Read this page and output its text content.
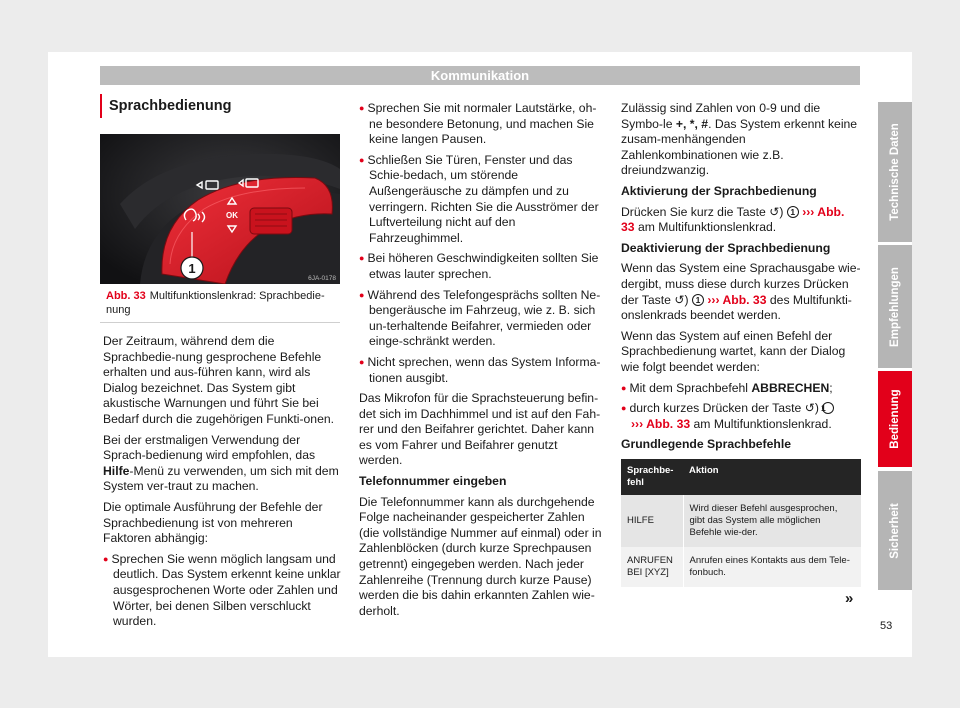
Kommunikation
Sprachbedienung
OK
1
6JA-0178
Abb. 33 Multifunktionslenkrad: Sprachbedie-nung

Der Zeitraum, während dem die Sprachbedie-nung gesprochene Befehle erhalten und aus-führen kann, wird als Dialog bezeichnet. Das System gibt akustische Warnungen und führt Sie bei Bedarf durch die zugehörigen Funkti-onen.

Bei der erstmaligen Verwendung der Sprach-bedienung wird empfohlen, das Hilfe-Menü zu verwenden, um sich mit dem System ver-traut zu machen.

Die optimale Ausführung der Befehle der Sprachbedienung ist von mehreren Faktoren abhängig:

● Sprechen Sie wenn möglich langsam und deutlich. Das System erkennt keine unklar ausgesprochenen Worte oder Zahlen und Wörter, bei denen Silben verschluckt wurden.

● Sprechen Sie mit normaler Lautstärke, oh-ne besondere Betonung, und machen Sie keine langen Pausen.

● Schließen Sie Türen, Fenster und das Schie-bedach, um störende Außengeräusche zu dämpfen und zu verringern. Richten Sie die Ausströmer der Luftverteilung nicht auf den Fahrzeughimmel.

● Bei höheren Geschwindigkeiten sollten Sie etwas lauter sprechen.

● Während des Telefongesprächs sollten Ne-bengeräusche im Fahrzeug, wie z. B. sich un-terhaltende Beifahrer, vermieden oder einge-schränkt werden.

● Nicht sprechen, wenn das System Informa-tionen ausgibt.

Das Mikrofon für die Sprachsteuerung befin-det sich im Dachhimmel und ist auf den Fah-rer und den Beifahrer gerichtet. Daher kann es vom Fahrer und Beifahrer genutzt werden.

Telefonnummer eingeben

Die Telefonnummer kann als durchgehende Folge nacheinander gespeicherter Zahlen (die vollständige Nummer auf einmal) oder in Zahlenblöcken (durch kurze Sprechpausen getrennt) eingegeben werden. Nach jeder Zahlenreihe (Trennung durch kurze Pause) werden die bis dahin erkannten Zahlen wie-derholt.

Zulässig sind Zahlen von 0-9 und die Symbo-le +, *, #. Das System erkennt keine zusam-menhängenden Zahlenkombinationen wie z.B. dreiundzwanzig.

Aktivierung der Sprachbedienung

Drücken Sie kurz die Taste ↺) 1 ››› Abb. 33 am Multifunktionslenkrad.

Deaktivierung der Sprachbedienung

Wenn das System eine Sprachausgabe wie-dergibt, muss diese durch kurzes Drücken der Taste ↺) 1 ››› Abb. 33 des Multifunkti-onslenkrads beendet werden.

Wenn das System auf einen Befehl der Sprachbedienung wartet, kann der Dialog wie folgt beendet werden:

● Mit dem Sprachbefehl ABBRECHEN;

● durch kurzes Drücken der Taste ↺) 1
››› Abb. 33 am Multifunktionslenkrad.

Grundlegende Sprachbefehle

Sprachbe-fehl	Aktion
HILFE	Wird dieser Befehl ausgesprochen, gibt das System alle möglichen Befehle wie-der.
ANRUFEN BEI [XYZ]	Anrufen eines Kontakts aus dem Tele-fonbuch.
»
53
Technische Daten
Empfehlungen
Bedienung
Sicherheit
